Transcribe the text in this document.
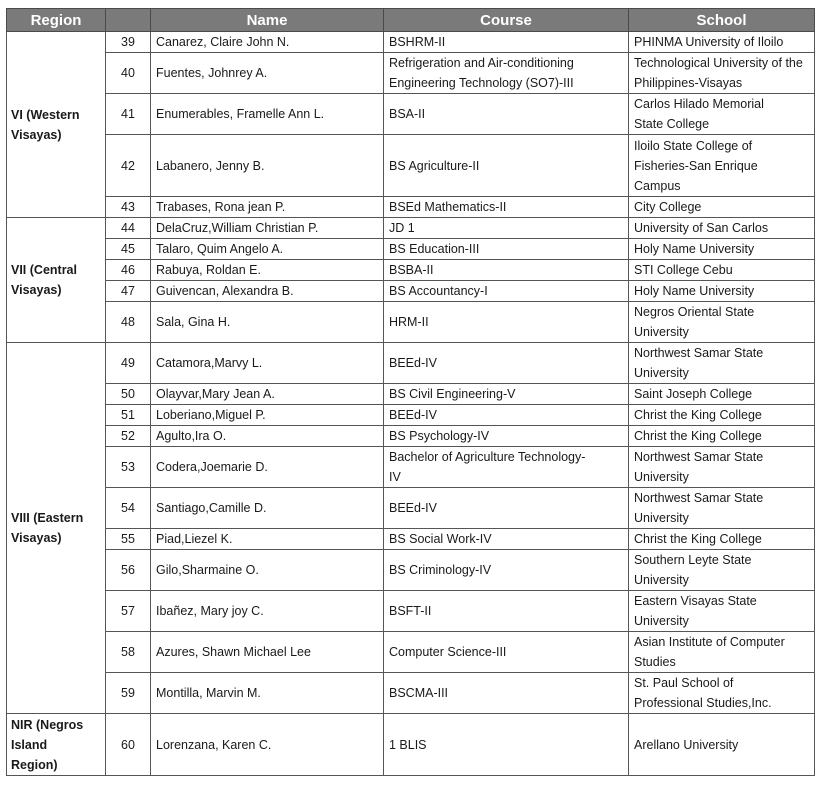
Region		Name	Course	School
VI (Western
Visayas)	39	Canarez, Claire John N.	BSHRM-II	PHINMA University of Iloilo
	40	Fuentes, Johnrey A.	Refrigeration and Air-conditioning
Engineering Technology (SO7)-III	Technological University of the
Philippines-Visayas
	41	Enumerables, Framelle Ann L.	BSA-II	Carlos Hilado Memorial
State College
	42	Labanero, Jenny B.	BS Agriculture-II	Iloilo State College of
Fisheries-San Enrique
Campus
	43	Trabases, Rona jean P.	BSEd Mathematics-II	City College
VII (Central
Visayas)	44	DelaCruz,William Christian P.	JD 1	University of San Carlos
	45	Talaro, Quim Angelo A.	BS Education-III	Holy Name University
	46	Rabuya, Roldan E.	BSBA-II	STI College Cebu
	47	Guivencan, Alexandra B.	BS Accountancy-I	Holy Name University
	48	Sala, Gina H.	HRM-II	Negros Oriental State
University
VIII (Eastern
Visayas)	49	Catamora,Marvy L.	BEEd-IV	Northwest Samar State
University
	50	Olayvar,Mary Jean A.	BS Civil Engineering-V	Saint Joseph College
	51	Loberiano,Miguel P.	BEEd-IV	Christ the King College
	52	Agulto,Ira O.	BS Psychology-IV	Christ the King College
	53	Codera,Joemarie D.	Bachelor of Agriculture Technology-
IV	Northwest Samar State
University
	54	Santiago,Camille D.	BEEd-IV	Northwest Samar State
University
	55	Piad,Liezel K.	BS Social Work-IV	Christ the King College
	56	Gilo,Sharmaine O.	BS Criminology-IV	Southern Leyte State
University
	57	Ibañez, Mary joy C.	BSFT-II	Eastern Visayas State
University
	58	Azures, Shawn Michael Lee	Computer Science-III	Asian Institute of Computer
Studies
	59	Montilla, Marvin M.	BSCMA-III	St. Paul School of
Professional Studies,Inc.
NIR (Negros
Island
Region)	60	Lorenzana, Karen C.	1 BLIS	Arellano University
